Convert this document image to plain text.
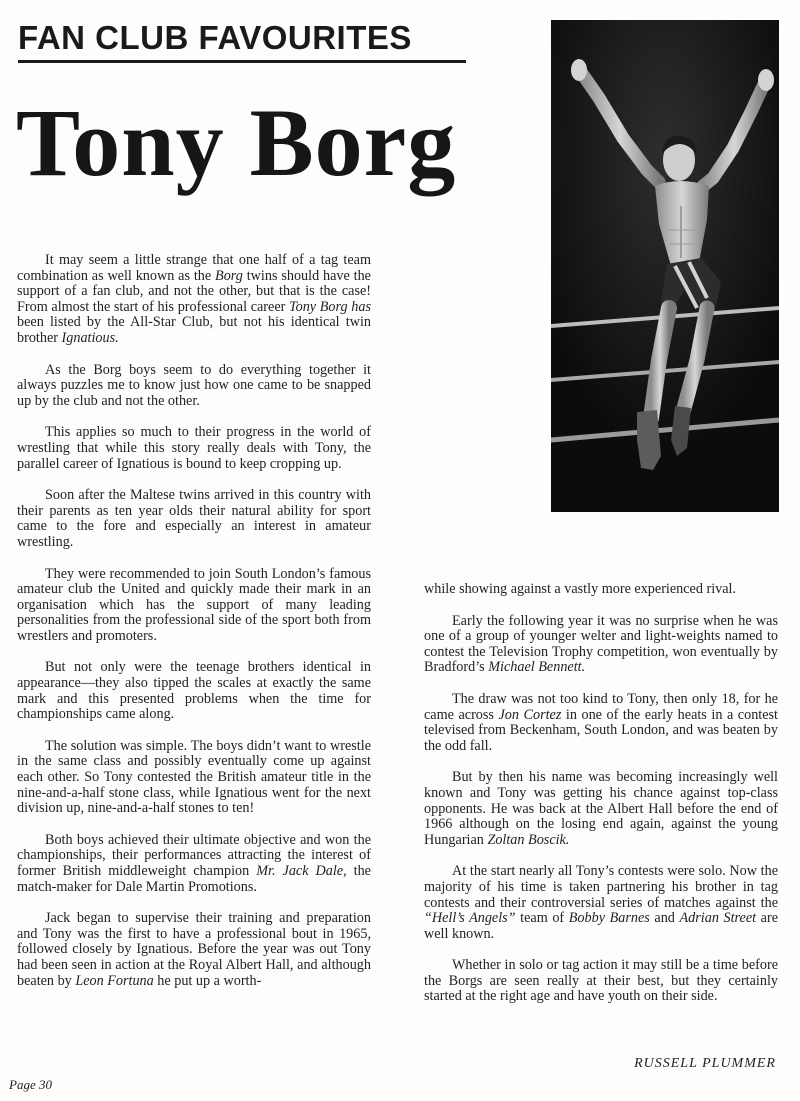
FAN CLUB FAVOURITES
Tony Borg

It may seem a little strange that one half of a tag team combination as well known as the Borg twins should have the support of a fan club, and not the other, but that is the case! From almost the start of his professional career Tony Borg has been listed by the All-Star Club, but not his identical twin brother Ignatious.

As the Borg boys seem to do everything together it always puzzles me to know just how one came to be snapped up by the club and not the other.

This applies so much to their progress in the world of wrestling that while this story really deals with Tony, the parallel career of Ignatious is bound to keep cropping up.

Soon after the Maltese twins arrived in this country with their parents as ten year olds their natural ability for sport came to the fore and especially an interest in amateur wrestling.

They were recommended to join South London’s famous amateur club the United and quickly made their mark in an organisation which has the support of many leading personalities from the professional side of the sport both from wrestlers and promoters.

But not only were the teenage brothers identical in appearance—they also tipped the scales at exactly the same mark and this presented problems when the time for championships came along.

The solution was simple. The boys didn’t want to wrestle in the same class and possibly eventually come up against each other. So Tony contested the British amateur title in the nine-and-a-half stone class, while Ignatious went for the next division up, nine-and-a-half stones to ten!

Both boys achieved their ultimate objective and won the championships, their performances attracting the interest of former British middleweight champion Mr. Jack Dale, the match-maker for Dale Martin Promotions.

Jack began to supervise their training and preparation and Tony was the first to have a professional bout in 1965, followed closely by Ignatious. Before the year was out Tony had been seen in action at the Royal Albert Hall, and although beaten by Leon Fortuna he put up a worth-

while showing against a vastly more experienced rival.

Early the following year it was no surprise when he was one of a group of younger welter and light-weights named to contest the Television Trophy competition, won eventually by Bradford’s Michael Bennett.

The draw was not too kind to Tony, then only 18, for he came across Jon Cortez in one of the early heats in a contest televised from Beckenham, South London, and was beaten by the odd fall.

But by then his name was becoming increasingly well known and Tony was getting his chance against top-class opponents. He was back at the Albert Hall before the end of 1966 although on the losing end again, against the young Hungarian Zoltan Boscik.

At the start nearly all Tony’s contests were solo. Now the majority of his time is taken partnering his brother in tag contests and their controversial series of matches against the “Hell’s Angels” team of Bobby Barnes and Adrian Street are well known.

Whether in solo or tag action it may still be a time before the Borgs are seen really at their best, but they certainly started at the right age and have youth on their side.

RUSSELL PLUMMER

Page 30
